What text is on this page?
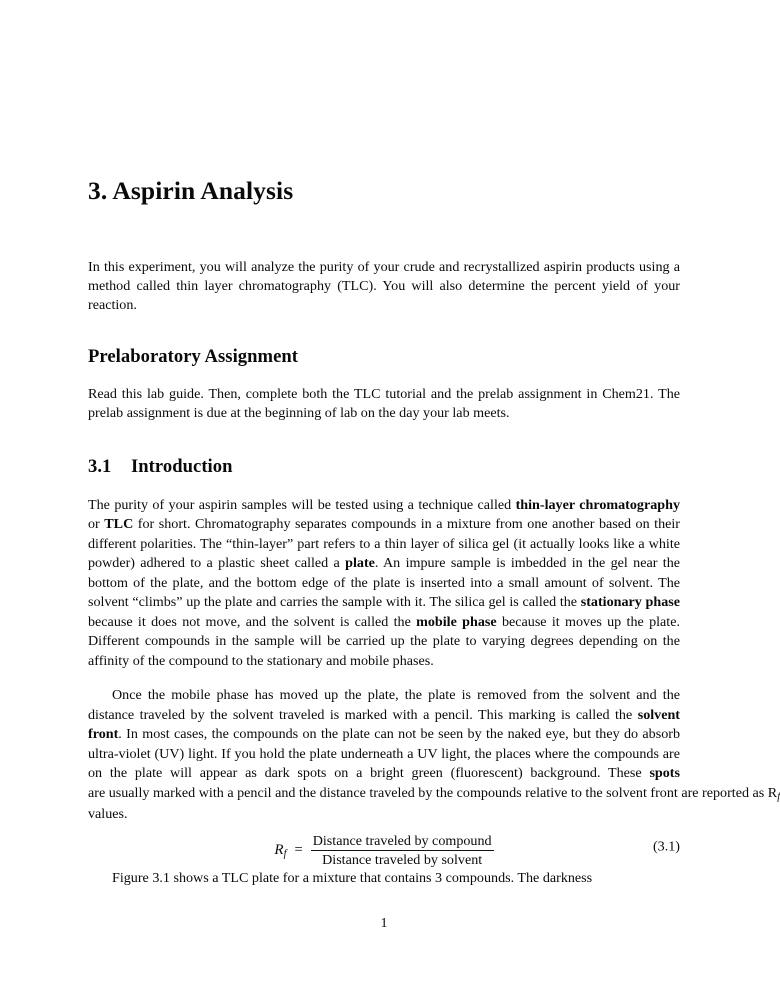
3. Aspirin Analysis

In this experiment, you will analyze the purity of your crude and recrystallized aspirin products using a method called thin layer chromatography (TLC). You will also determine the percent yield of your reaction.

Prelaboratory Assignment

Read this lab guide. Then, complete both the TLC tutorial and the prelab assignment in Chem21. The prelab assignment is due at the beginning of lab on the day your lab meets.

3.1 Introduction

The purity of your aspirin samples will be tested using a technique called thin-layer chromatography or TLC for short. Chromatography separates compounds in a mixture from one another based on their different polarities. The “thin-layer” part refers to a thin layer of silica gel (it actually looks like a white powder) adhered to a plastic sheet called a plate. An impure sample is imbedded in the gel near the bottom of the plate, and the bottom edge of the plate is inserted into a small amount of solvent. The solvent “climbs” up the plate and carries the sample with it. The silica gel is called the stationary phase because it does not move, and the solvent is called the mobile phase because it moves up the plate. Different compounds in the sample will be carried up the plate to varying degrees depending on the affinity of the compound to the stationary and mobile phases.

Once the mobile phase has moved up the plate, the plate is removed from the solvent and the distance traveled by the solvent traveled is marked with a pencil. This marking is called the solvent front. In most cases, the compounds on the plate can not be seen by the naked eye, but they do absorb ultra-violet (UV) light. If you hold the plate underneath a UV light, the places where the compounds are on the plate will appear as dark spots on a bright green (fluorescent) background. These spots are usually marked with a pencil and the distance traveled by the compounds relative to the solvent front are reported as $R_f$ values.

$R_f = \frac{\text{Distance traveled by compound}}{\text{Distance traveled by solvent}}$	(3.1)

Figure 3.1 shows a TLC plate for a mixture that contains 3 compounds. The darkness

1
